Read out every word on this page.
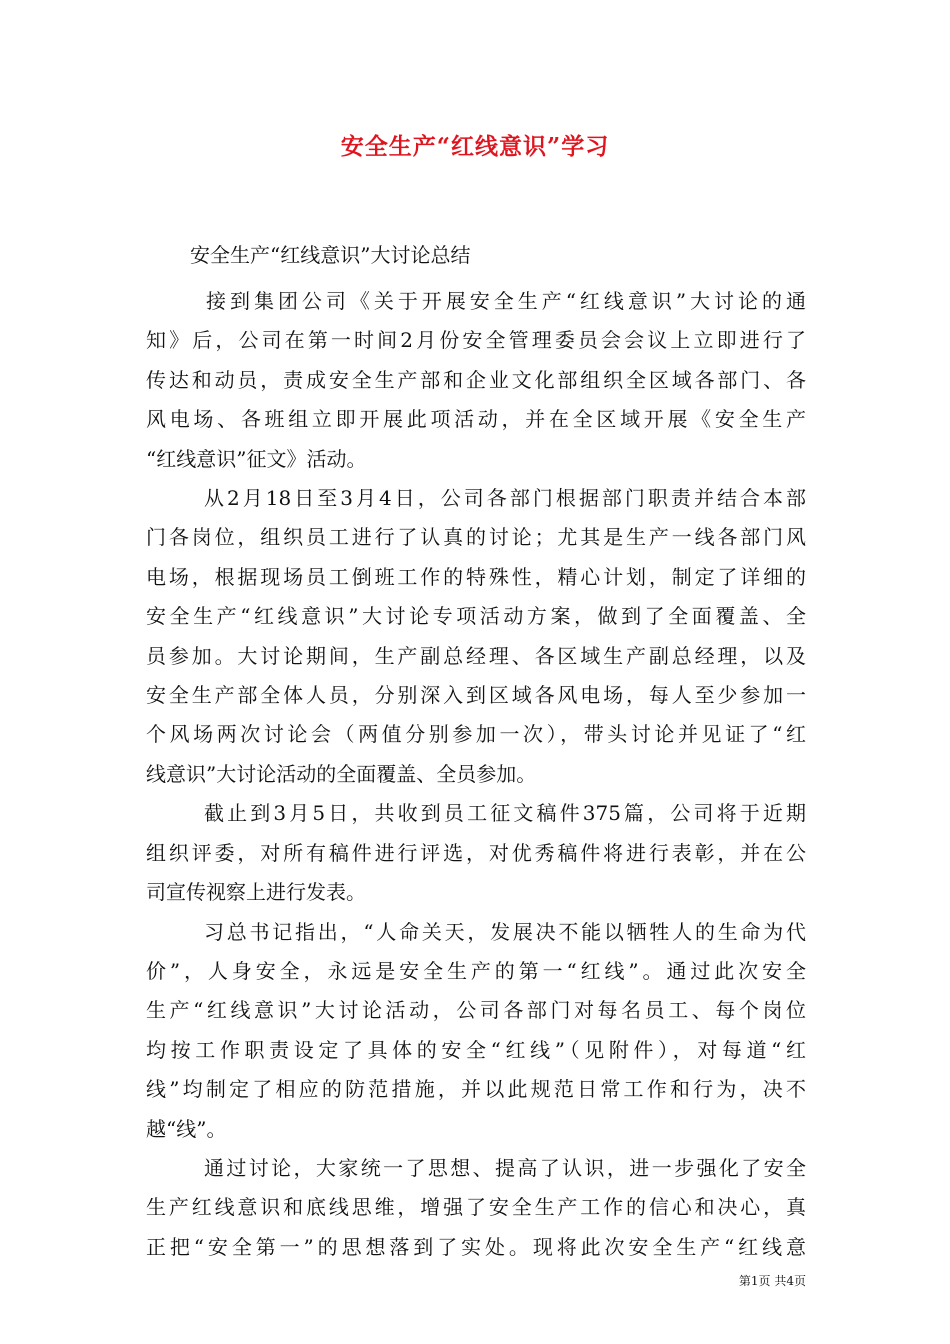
安全生产“红线意识”学习
安全生产“红线意识”大讨论总结
接到集团公司《关于开展安全生产“红线意识”大讨论的通
知》后，公司在第一时间2月份安全管理委员会会议上立即进行了
传达和动员，责成安全生产部和企业文化部组织全区域各部门、各
风电场、各班组立即开展此项活动，并在全区域开展《安全生产
“红线意识”征文》活动。
从2月18日至3月4日，公司各部门根据部门职责并结合本部
门各岗位，组织员工进行了认真的讨论；尤其是生产一线各部门风
电场，根据现场员工倒班工作的特殊性，精心计划，制定了详细的
安全生产“红线意识”大讨论专项活动方案，做到了全面覆盖、全
员参加。大讨论期间，生产副总经理、各区域生产副总经理，以及
安全生产部全体人员，分别深入到区域各风电场，每人至少参加一
个风场两次讨论会（两值分别参加一次），带头讨论并见证了“红
线意识”大讨论活动的全面覆盖、全员参加。
截止到3月5日，共收到员工征文稿件375篇，公司将于近期
组织评委，对所有稿件进行评选，对优秀稿件将进行表彰，并在公
司宣传视察上进行发表。
习总书记指出，“人命关天，发展决不能以牺牲人的生命为代
价”，人身安全，永远是安全生产的第一“红线”。通过此次安全
生产“红线意识”大讨论活动，公司各部门对每名员工、每个岗位
均按工作职责设定了具体的安全“红线”（见附件），对每道“红
线”均制定了相应的防范措施，并以此规范日常工作和行为，决不
越“线”。
通过讨论，大家统一了思想、提高了认识，进一步强化了安全
生产红线意识和底线思维，增强了安全生产工作的信心和决心，真
正把“安全第一”的思想落到了实处。现将此次安全生产“红线意
第1页 共4页
